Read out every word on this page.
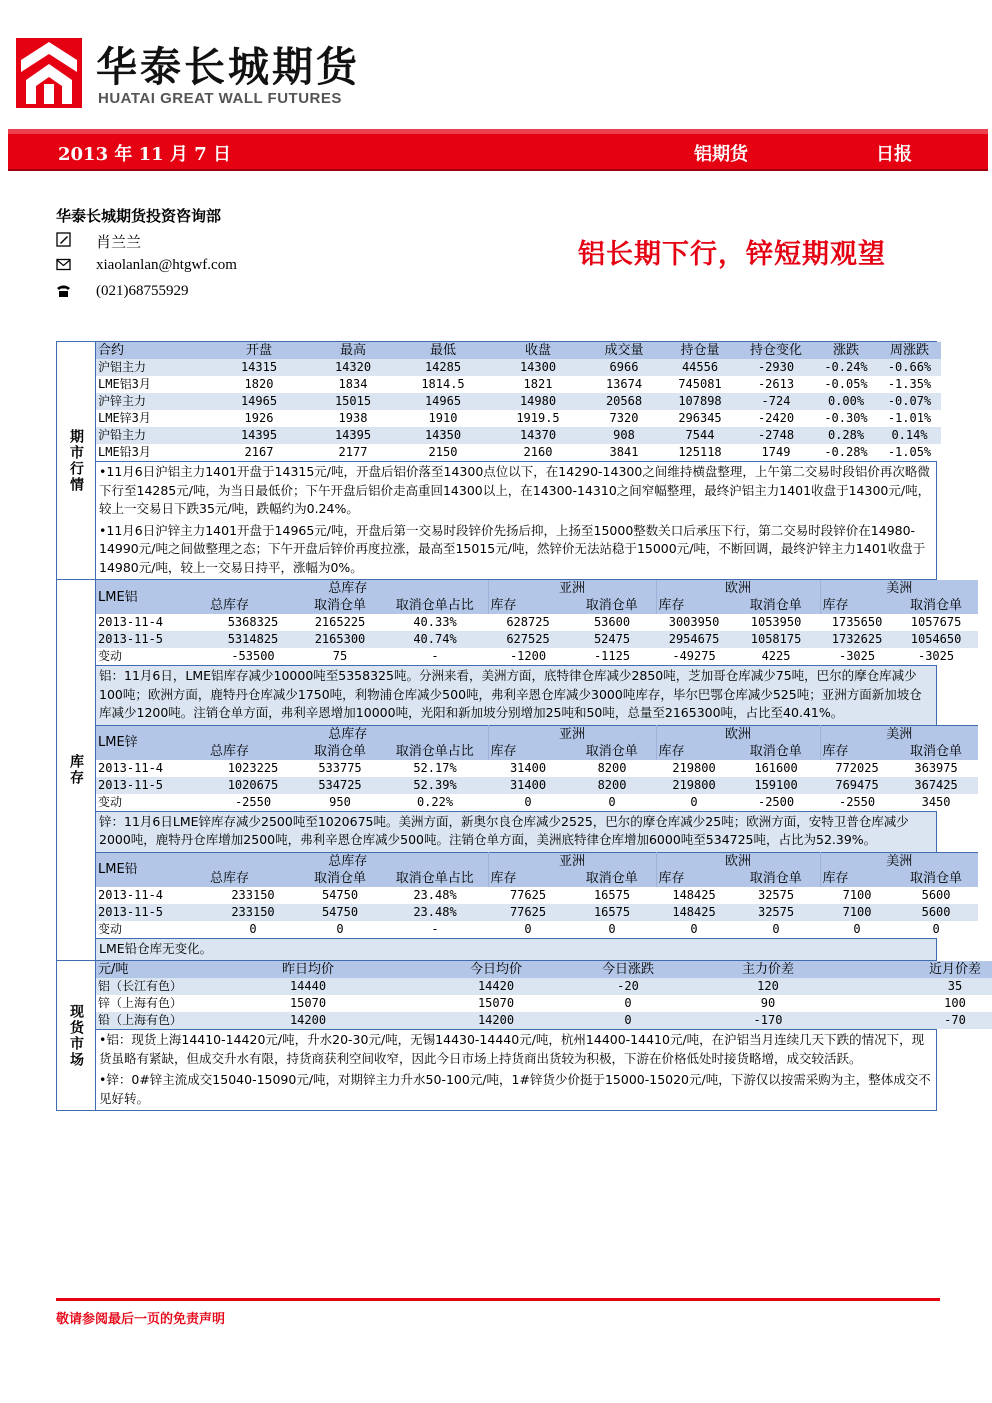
华泰长城期货
HUATAI GREAT WALL FUTURES
2013 年 11 月 7 日	铝期货	日报
华泰长城期货投资咨询部
肖兰兰
xiaolanlan@htgwf.com
(021)68755929
铝长期下行，锌短期观望
期市行情
合约	开盘	最高	最低	收盘	成交量	持仓量	持仓变化	涨跌	周涨跌
沪铝主力	14315	14320	14285	14300	6966	44556	-2930	-0.24%	-0.66%
LME铝3月	1820	1834	1814.5	1821	13674	745081	-2613	-0.05%	-1.35%
沪锌主力	14965	15015	14965	14980	20568	107898	-724	0.00%	-0.07%
LME锌3月	1926	1938	1910	1919.5	7320	296345	-2420	-0.30%	-1.01%
沪铅主力	14395	14395	14350	14370	908	7544	-2748	0.28%	0.14%
LME铅3月	2167	2177	2150	2160	3841	125118	1749	-0.28%	-1.05%
•11月6日沪铝主力1401开盘于14315元/吨，开盘后铝价落至14300点位以下，在14290-14300之间维持横盘整理，上午第二交易时段铝价再次略微下行至14285元/吨，为当日最低价；下午开盘后铝价走高重回14300以上，在14300-14310之间窄幅整理，最终沪铝主力1401收盘于14300元/吨，较上一交易日下跌35元/吨，跌幅约为0.24%。
•11月6日沪锌主力1401开盘于14965元/吨，开盘后第一交易时段锌价先扬后抑，上扬至15000整数关口后承压下行，第二交易时段锌价在14980-14990元/吨之间做整理之态；下午开盘后锌价再度拉涨，最高至15015元/吨，然锌价无法站稳于15000元/吨，不断回调，最终沪锌主力1401收盘于14980元/吨，较上一交易日持平，涨幅为0%。
库存
LME铝	总库存			亚洲		欧洲		美洲	
	总库存	取消仓单	取消仓单占比	库存	取消仓单	库存	取消仓单	库存	取消仓单
2013-11-4	5368325	2165225	40.33%	628725	53600	3003950	1053950	1735650	1057675
2013-11-5	5314825	2165300	40.74%	627525	52475	2954675	1058175	1732625	1054650
变动	-53500	75	-	-1200	-1125	-49275	4225	-3025	-3025
铝：11月6日，LME铝库存减少10000吨至5358325吨。分洲来看，美洲方面，底特律仓库减少2850吨，芝加哥仓库减少75吨，巴尔的摩仓库减少100吨；欧洲方面，鹿特丹仓库减少1750吨，利物浦仓库减少500吨，弗利辛恩仓库减少3000吨库存，毕尔巴鄂仓库减少525吨；亚洲方面新加坡仓库减少1200吨。注销仓单方面，弗利辛恩增加10000吨，光阳和新加坡分别增加25吨和50吨，总量至2165300吨，占比至40.41%。
LME锌	总库存			亚洲		欧洲		美洲	
	总库存	取消仓单	取消仓单占比	库存	取消仓单	库存	取消仓单	库存	取消仓单
2013-11-4	1023225	533775	52.17%	31400	8200	219800	161600	772025	363975
2013-11-5	1020675	534725	52.39%	31400	8200	219800	159100	769475	367425
变动	-2550	950	0.22%	0	0	0	-2500	-2550	3450
锌：11月6日LME锌库存减少2500吨至1020675吨。美洲方面，新奥尔良仓库减少2525，巴尔的摩仓库减少25吨；欧洲方面，安特卫普仓库减少2000吨，鹿特丹仓库增加2500吨，弗利辛恩仓库减少500吨。注销仓单方面，美洲底特律仓库增加6000吨至534725吨，占比为52.39%。
LME铅	总库存			亚洲		欧洲		美洲	
	总库存	取消仓单	取消仓单占比	库存	取消仓单	库存	取消仓单	库存	取消仓单
2013-11-4	233150	54750	23.48%	77625	16575	148425	32575	7100	5600
2013-11-5	233150	54750	23.48%	77625	16575	148425	32575	7100	5600
变动	0	0	-	0	0	0	0	0	0
LME铅仓库无变化。
现货市场
元/吨	昨日均价	今日均价	今日涨跌	主力价差	近月价差
铝（长江有色）	14440	14420	-20	120	35
锌（上海有色）	15070	15070	0	90	100
铅（上海有色）	14200	14200	0	-170	-70
•铝：现货上海14410-14420元/吨，升水20-30元/吨，无锡14430-14440元/吨，杭州14400-14410元/吨，在沪铝当月连续几天下跌的情况下，现货虽略有紧缺，但成交升水有限，持货商获利空间收窄，因此今日市场上持货商出货较为积极，下游在价格低处时接货略增，成交较活跃。
•锌：0#锌主流成交15040-15090元/吨，对期锌主力升水50-100元/吨，1#锌货少价挺于15000-15020元/吨，下游仅以按需采购为主，整体成交不见好转。
敬请参阅最后一页的免责声明
